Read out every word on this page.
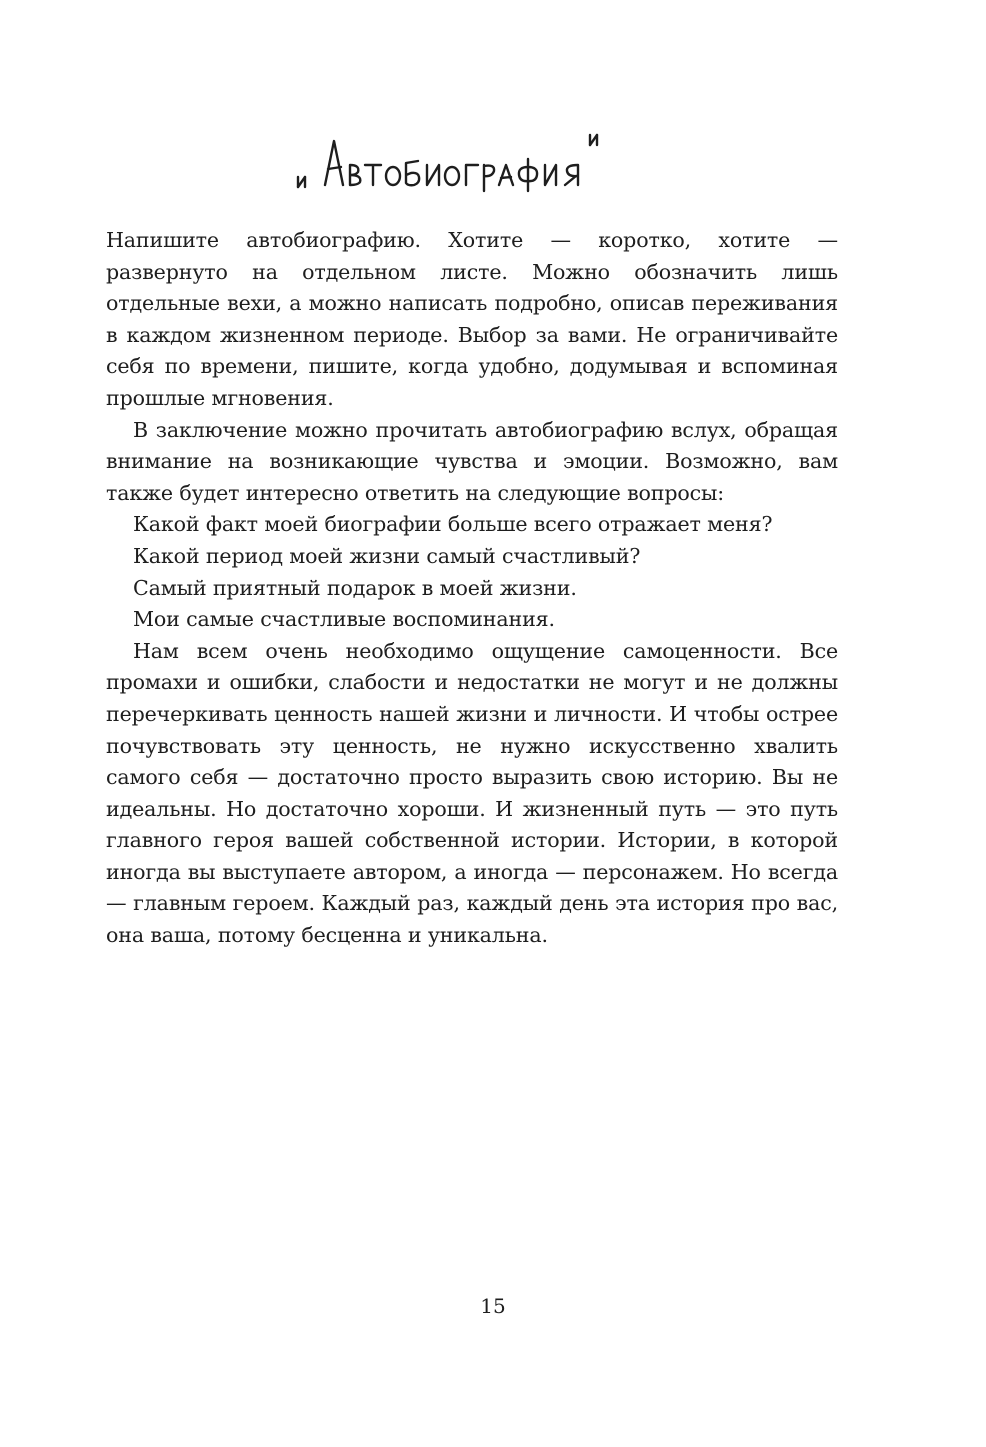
Напишите автобиографию. Хотите — коротко, хотите — развернуто на отдельном листе. Можно обозначить лишь отдельные вехи, а можно написать подробно, описав переживания в каждом жизненном периоде. Выбор за вами. Не ограничивайте себя по времени, пишите, когда удобно, додумывая и вспоминая прошлые мгновения.

В заключение можно прочитать автобиографию вслух, обращая внимание на возникающие чувства и эмоции. Возможно, вам также будет интересно ответить на следующие вопросы:

Какой факт моей биографии больше всего отражает меня?

Какой период моей жизни самый счастливый?

Самый приятный подарок в моей жизни.

Мои самые счастливые воспоминания.

Нам всем очень необходимо ощущение самоценности. Все промахи и ошибки, слабости и недостатки не могут и не должны перечеркивать ценность нашей жизни и личности. И чтобы острее почувствовать эту ценность, не нужно искусственно хвалить самого себя — достаточно просто выразить свою историю. Вы не идеальны. Но достаточно хороши. И жизненный путь — это путь главного героя вашей собственной истории. Истории, в которой иногда вы выступаете автором, а иногда — персонажем. Но всегда — главным героем. Каждый раз, каждый день эта история про вас, она ваша, потому бесценна и уникальна.

15
